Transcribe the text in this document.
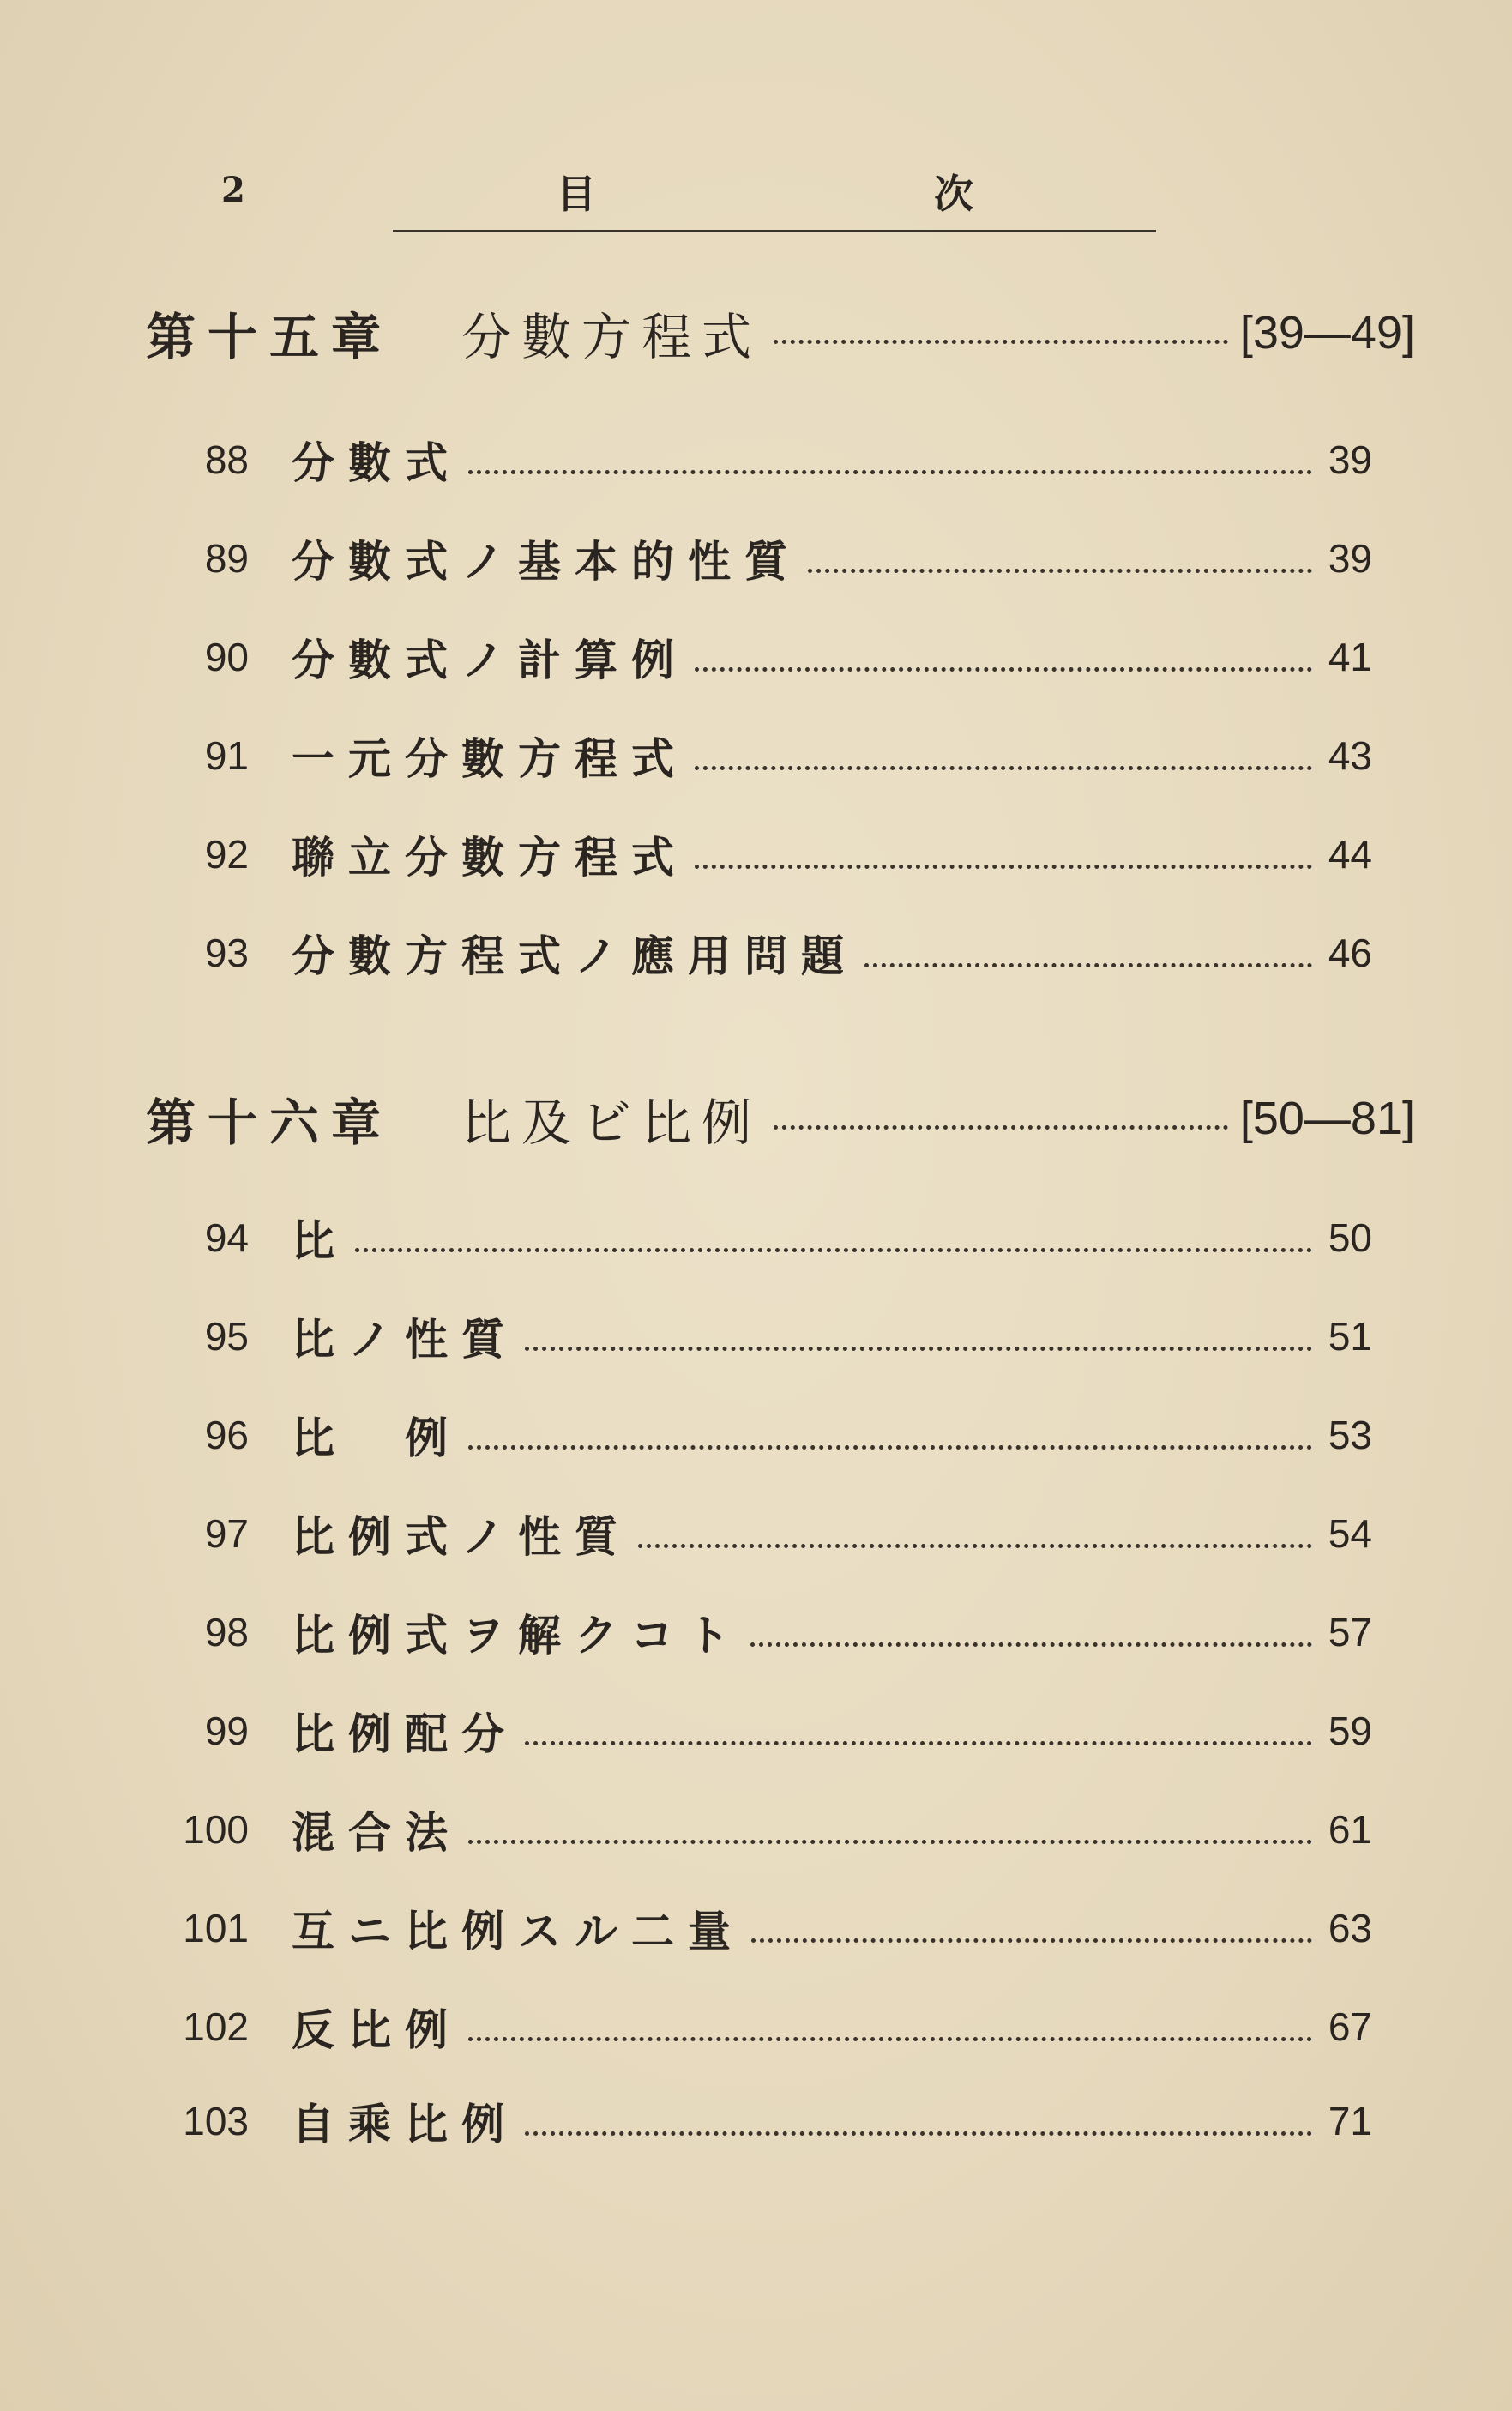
2	目	次
第十五章 分數方程式	[39—49]
88 分數式	39
89 分數式ノ基本的性質	39
90 分數式ノ計算例	41
91 一元分數方程式	43
92 聯立分數方程式	44
93 分數方程式ノ應用問題	46
第十六章 比及ビ比例	[50—81]
94 比	50
95 比ノ性質	51
96 比　例	53
97 比例式ノ性質	54
98 比例式ヲ解クコト	57
99 比例配分	59
100 混合法	61
101 互ニ比例スル二量	63
102 反比例	67
103 自乘比例	71
